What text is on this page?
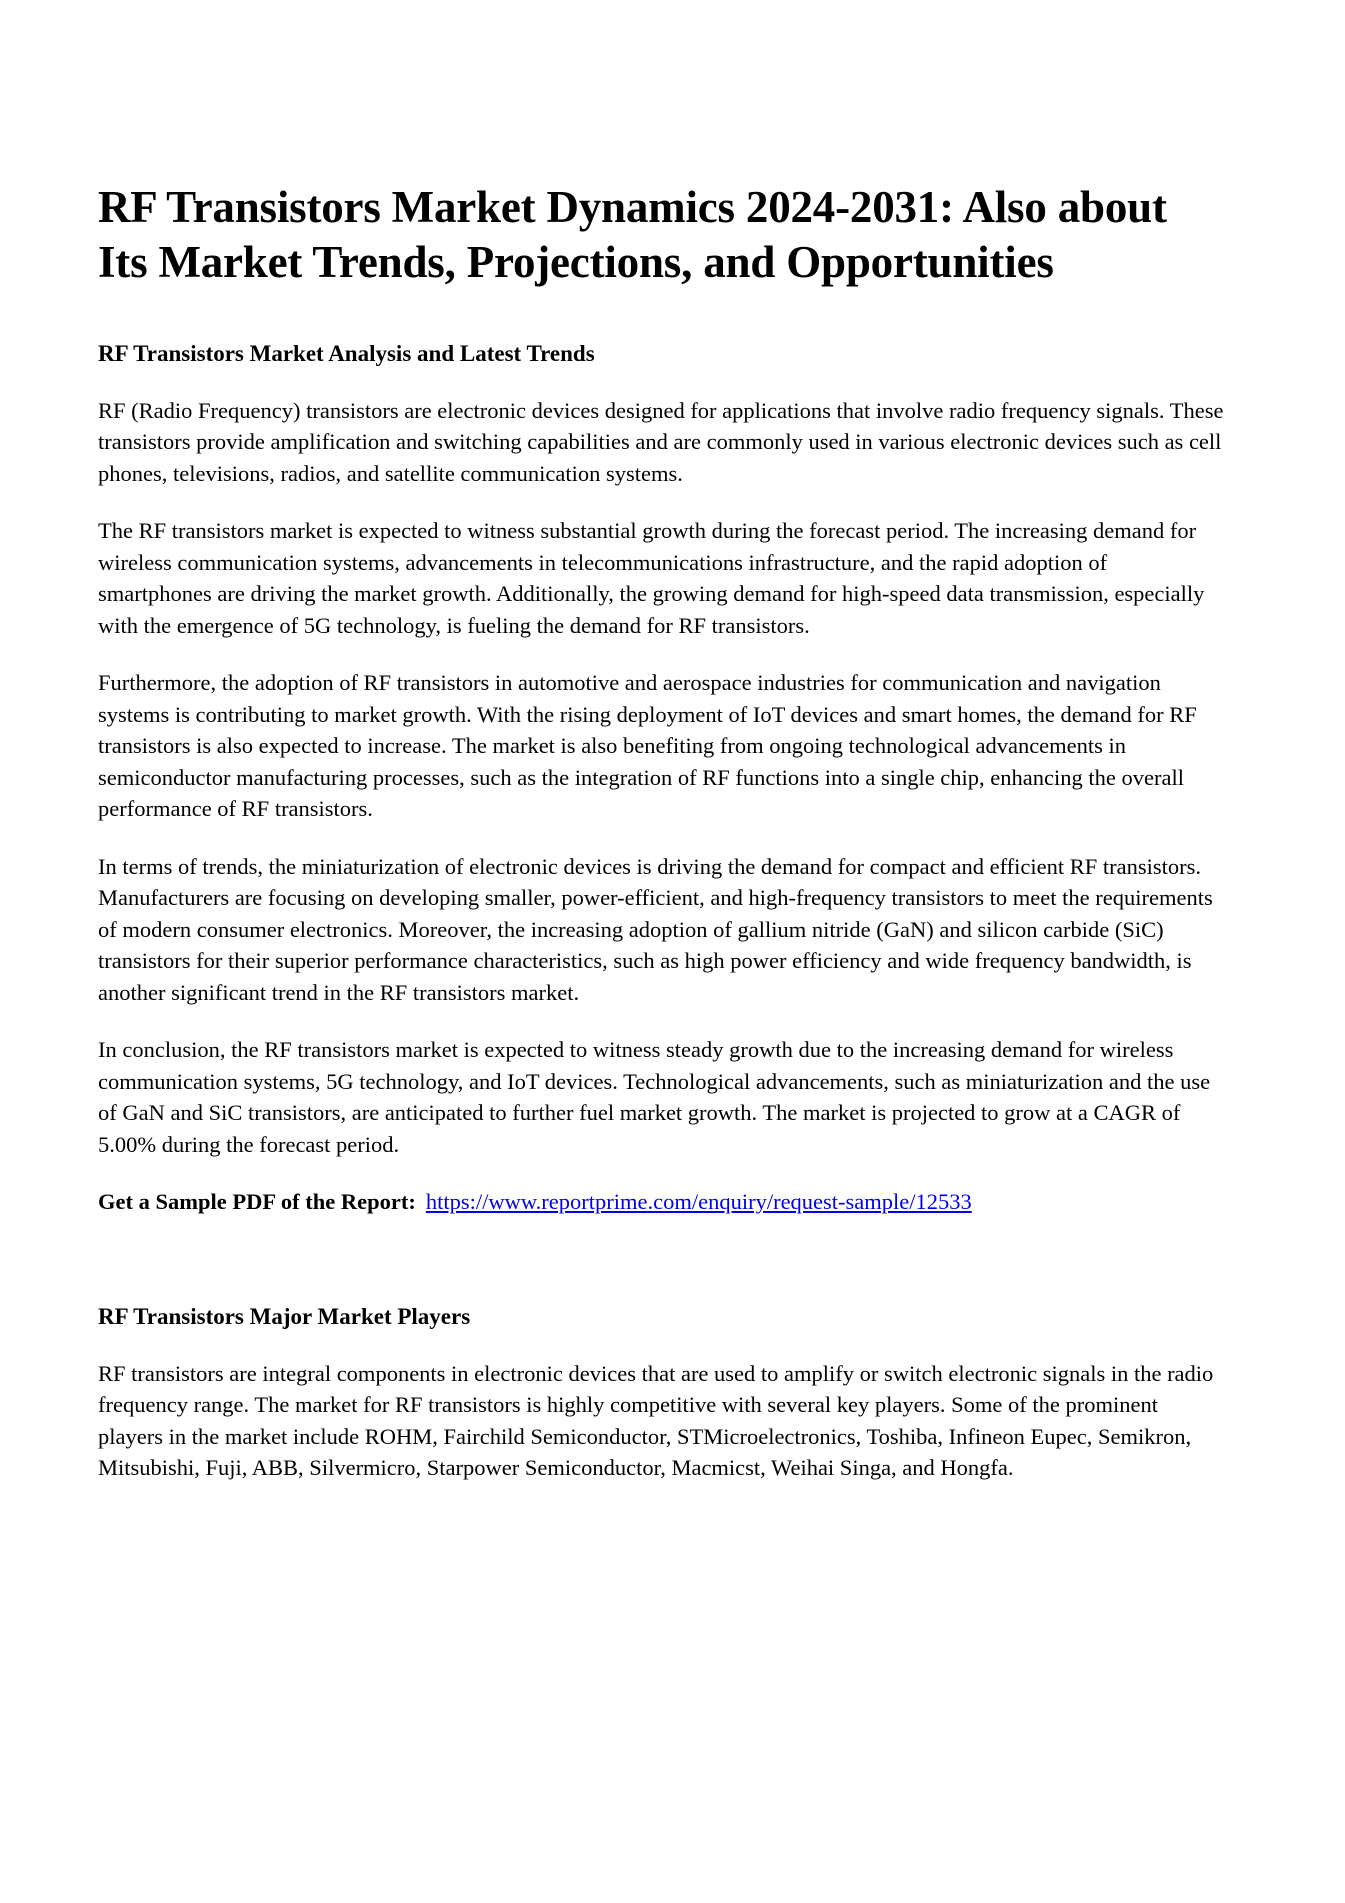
RF Transistors Market Dynamics 2024-2031: Also about Its Market Trends, Projections, and Opportunities
RF Transistors Market Analysis and Latest Trends

RF (Radio Frequency) transistors are electronic devices designed for applications that involve radio frequency signals. These transistors provide amplification and switching capabilities and are commonly used in various electronic devices such as cell phones, televisions, radios, and satellite communication systems.

The RF transistors market is expected to witness substantial growth during the forecast period. The increasing demand for wireless communication systems, advancements in telecommunications infrastructure, and the rapid adoption of smartphones are driving the market growth. Additionally, the growing demand for high-speed data transmission, especially with the emergence of 5G technology, is fueling the demand for RF transistors.

Furthermore, the adoption of RF transistors in automotive and aerospace industries for communication and navigation systems is contributing to market growth. With the rising deployment of IoT devices and smart homes, the demand for RF transistors is also expected to increase. The market is also benefiting from ongoing technological advancements in semiconductor manufacturing processes, such as the integration of RF functions into a single chip, enhancing the overall performance of RF transistors.

In terms of trends, the miniaturization of electronic devices is driving the demand for compact and efficient RF transistors. Manufacturers are focusing on developing smaller, power-efficient, and high-frequency transistors to meet the requirements of modern consumer electronics. Moreover, the increasing adoption of gallium nitride (GaN) and silicon carbide (SiC) transistors for their superior performance characteristics, such as high power efficiency and wide frequency bandwidth, is another significant trend in the RF transistors market.

In conclusion, the RF transistors market is expected to witness steady growth due to the increasing demand for wireless communication systems, 5G technology, and IoT devices. Technological advancements, such as miniaturization and the use of GaN and SiC transistors, are anticipated to further fuel market growth. The market is projected to grow at a CAGR of 5.00% during the forecast period.

Get a Sample PDF of the Report: https://www.reportprime.com/enquiry/request-sample/12533

RF Transistors Major Market Players

RF transistors are integral components in electronic devices that are used to amplify or switch electronic signals in the radio frequency range. The market for RF transistors is highly competitive with several key players. Some of the prominent players in the market include ROHM, Fairchild Semiconductor, STMicroelectronics, Toshiba, Infineon Eupec, Semikron, Mitsubishi, Fuji, ABB, Silvermicro, Starpower Semiconductor, Macmicst, Weihai Singa, and Hongfa.
